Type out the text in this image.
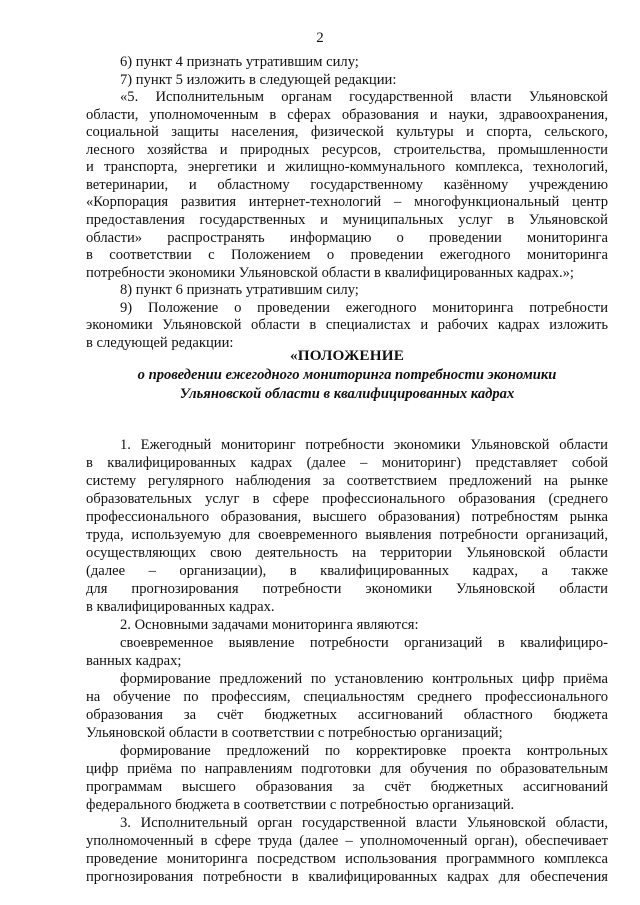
2
6) пункт 4 признать утратившим силу;
7) пункт 5 изложить в следующей редакции:
«5. Исполнительным органам государственной власти Ульяновской
области, уполномоченным в сферах образования и науки, здравоохранения,
социальной защиты населения, физической культуры и спорта, сельского,
лесного хозяйства и природных ресурсов, строительства, промышленности
и транспорта, энергетики и жилищно-коммунального комплекса, технологий,
ветеринарии, и областному государственному казённому учреждению
«Корпорация развития интернет-технологий – многофункциональный центр
предоставления государственных и муниципальных услуг в Ульяновской
области» распространять информацию о проведении мониторинга
в соответствии с Положением о проведении ежегодного мониторинга
потребности экономики Ульяновской области в квалифицированных кадрах.»;
8) пункт 6 признать утратившим силу;
9) Положение о проведении ежегодного мониторинга потребности
экономики Ульяновской области в специалистах и рабочих кадрах изложить
в следующей редакции:
«ПОЛОЖЕНИЕ
о проведении ежегодного мониторинга потребности экономики
Ульяновской области в квалифицированных кадрах
1. Ежегодный мониторинг потребности экономики Ульяновской области
в квалифицированных кадрах (далее – мониторинг) представляет собой
систему регулярного наблюдения за соответствием предложений на рынке
образовательных услуг в сфере профессионального образования (среднего
профессионального образования, высшего образования) потребностям рынка
труда, используемую для своевременного выявления потребности организаций,
осуществляющих свою деятельность на территории Ульяновской области
(далее – организации), в квалифицированных кадрах, а также
для прогнозирования потребности экономики Ульяновской области
в квалифицированных кадрах.
2. Основными задачами мониторинга являются:
своевременное выявление потребности организаций в квалифициро-
ванных кадрах;
формирование предложений по установлению контрольных цифр приёма
на обучение по профессиям, специальностям среднего профессионального
образования за счёт бюджетных ассигнований областного бюджета
Ульяновской области в соответствии с потребностью организаций;
формирование предложений по корректировке проекта контрольных
цифр приёма по направлениям подготовки для обучения по образовательным
программам высшего образования за счёт бюджетных ассигнований
федерального бюджета в соответствии с потребностью организаций.
3. Исполнительный орган государственной власти Ульяновской области,
уполномоченный в сфере труда (далее – уполномоченный орган), обеспечивает
проведение мониторинга посредством использования программного комплекса
прогнозирования потребности в квалифицированных кадрах для обеспечения
